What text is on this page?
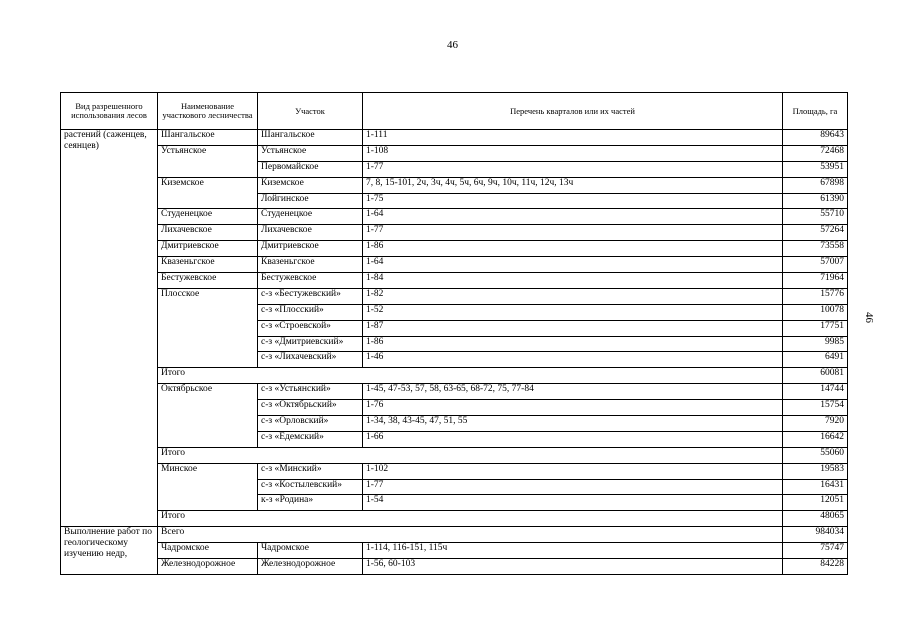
46
46
Вид разрешенного использования лесов	Наименование участкового лесничества	Участок	Перечень кварталов или их частей	Площадь, га
растений (саженцев, сеянцев)	Шангальское	Шангальское	1-111	89643
	Устьянское	Устьянское	1-108	72468
		Первомайское	1-77	53951
	Киземское	Киземское	7, 8, 15-101, 2ч, 3ч, 4ч, 5ч, 6ч, 9ч, 10ч, 11ч, 12ч, 13ч	67898
		Лойгинское	1-75	61390
	Студенецкое	Студенецкое	1-64	55710
	Лихачевское	Лихачевское	1-77	57264
	Дмитриевское	Дмитриевское	1-86	73558
	Квазеньгское	Квазеньгское	1-64	57007
	Бестужевское	Бестужевское	1-84	71964
	Плосское	с-з «Бестужевский»	1-82	15776
		с-з «Плосский»	1-52	10078
		с-з «Строевской»	1-87	17751
		с-з «Дмитриевский»	1-86	9985
		с-з «Лихачевский»	1-46	6491
	Итого			60081
	Октябрьское	с-з «Устьянский»	1-45, 47-53, 57, 58, 63-65, 68-72, 75, 77-84	14744
		с-з «Октябрьский»	1-76	15754
		с-з «Орловский»	1-34, 38, 43-45, 47, 51, 55	7920
		с-з «Едемский»	1-66	16642
	Итого			55060
	Минское	с-з «Минский»	1-102	19583
		с-з «Костылевский»	1-77	16431
		к-з «Родина»	1-54	12051
	Итого			48065
Выполнение работ по геологическому изучению недр,	Всего			984034
	Чадромское	Чадромское	1-114, 116-151, 115ч	75747
	Железнодорожное	Железнодорожное	1-56, 60-103	84228
